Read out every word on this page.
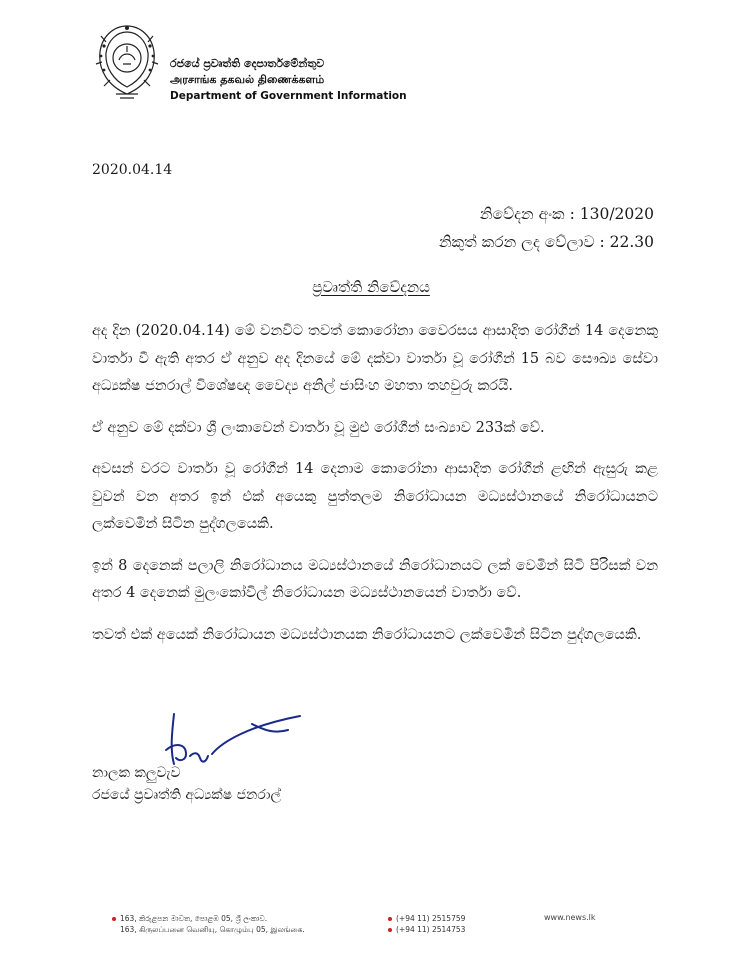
රජයේ ප්‍රවෘත්ති දෙපාර්තමේන්තුව
அரசாங்க தகவல் திணைக்களம்
Department of Government Information
2020.04.14
නිවේදන අංක : 130/2020
නිකුත් කරන ලද වේලාව : 22.30
ප්‍රවෘත්ති නිවේදනය
අද දින (2020.04.14) මේ වනවිට තවත් කොරෝනා වෛරසය ආසාදිත රෝගීන් 14 දෙනෙකු වාර්තා වී ඇති අතර ඒ අනුව අද දිනයේ මේ දක්වා වාර්තා වූ රෝගීන් 15 බව සෞඛ්‍ය සේවා අධ්‍යක්ෂ ජනරාල් විශේෂඥ වෛද්‍ය අනිල් ජාසිංහ මහතා තහවුරු කරයි.
ඒ අනුව මේ දක්වා ශ්‍රී ලංකාවෙන් වාර්තා වූ මුළු රෝගීන් සංඛ්‍යාව 233ක් වේ.
අවසන් වරට වාර්තා වූ රෝගීන් 14 දෙනාම කොරෝනා ආසාදිත රෝගීන් ළඟින් ඇසුරු කළ වුවන් වන අතර ඉන් එක් අයෙකු පුත්තලම නිරෝධායන මධ්‍යස්ථානයේ නිරෝධායනට ලක්වෙමින් සිටින පුද්ගලයෙකි.
ඉන් 8 දෙනෙක් පලාලි නිරෝධානය මධ්‍යස්ථානයේ නිරෝධානයට ලක් වෙමින් සිටි පිරිසක් වන අතර 4 දෙනෙක් මුලංකෝවිල් නිරෝධායන මධ්‍යස්ථානයෙන් වාර්තා වේ.
තවත් එක් අයෙක් නිරෝධායන මධ්‍යස්ථානයක නිරෝධායනට ලක්වෙමින් සිටින පුද්ගලයෙකි.
නාලක කලුවැව
රජයේ ප්‍රවෘත්ති අධ්‍යක්ෂ ජනරාල්
163, කිරුළපන මාවත, පොළඹ 05, ශ්‍රී ලංකාව.
163, கிருலப்பனை வெனியு, கொழும்பு 05, இலங்கை.
(+94 11) 2515759
(+94 11) 2514753
www.news.lk
